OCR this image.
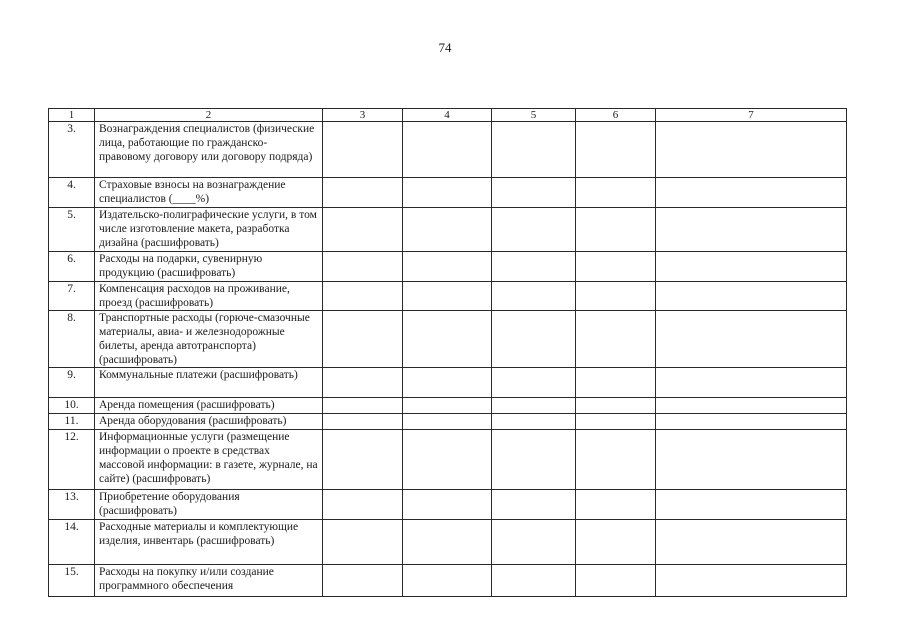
74
1	2	3	4	5	6	7
3.	Вознаграждения специалистов (физические лица, работающие по гражданско-правовому договору или договору подряда)					
4.	Страховые взносы на вознаграждение специалистов (____%)					
5.	Издательско-полиграфические услуги, в том числе изготовление макета, разработка дизайна (расшифровать)					
6.	Расходы на подарки, сувенирную продукцию (расшифровать)					
7.	Компенсация расходов на проживание, проезд (расшифровать)					
8.	Транспортные расходы (горюче-смазочные материалы, авиа- и железнодорожные билеты, аренда автотранспорта) (расшифровать)					
9.	Коммунальные платежи (расшифровать)					
10.	Аренда помещения (расшифровать)					
11.	Аренда оборудования (расшифровать)					
12.	Информационные услуги (размещение информации о проекте в средствах массовой информации: в газете, журнале, на сайте) (расшифровать)					
13.	Приобретение оборудования (расшифровать)					
14.	Расходные материалы и комплектующие изделия, инвентарь (расшифровать)					
15.	Расходы на покупку и/или создание программного обеспечения					
